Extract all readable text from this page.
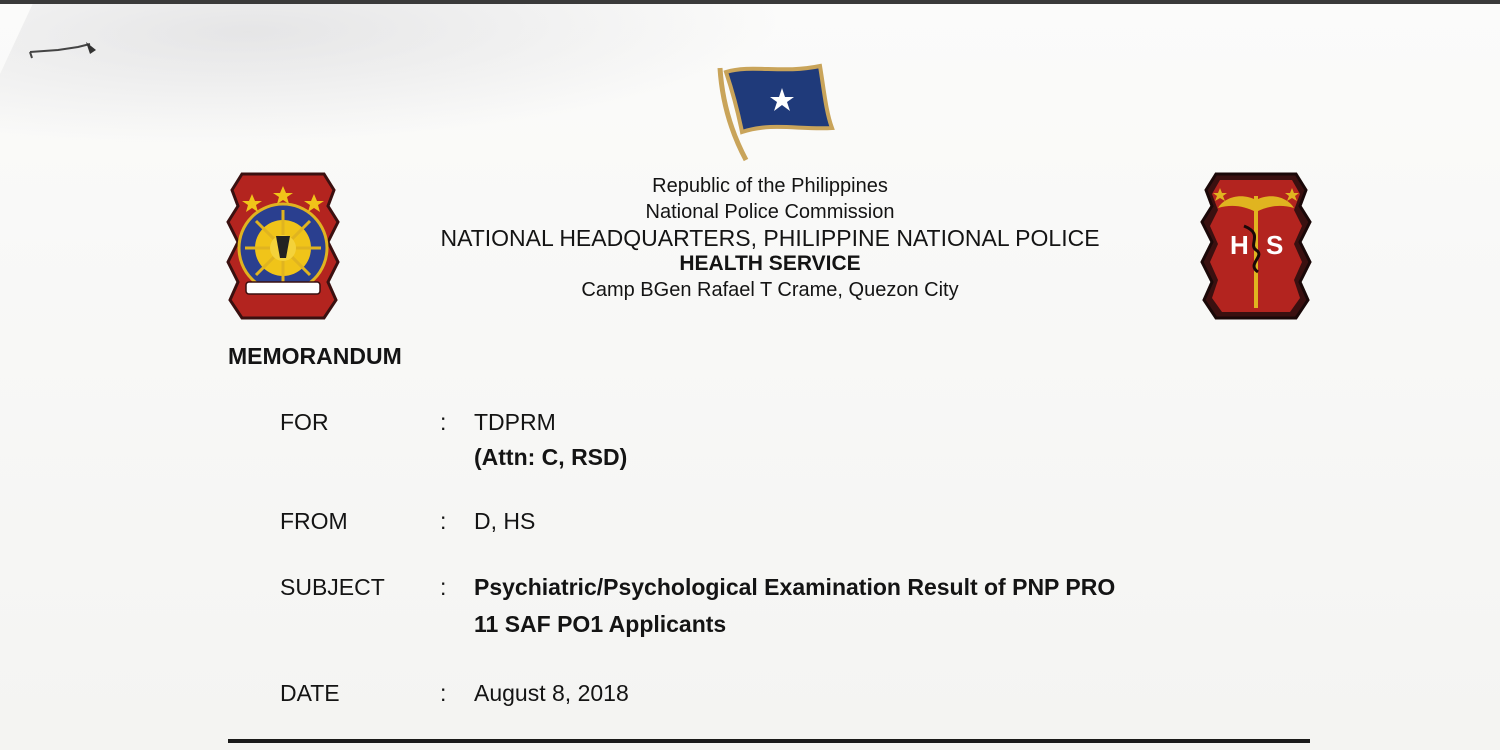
H S
Republic of the Philippines
National Police Commission
NATIONAL HEADQUARTERS, PHILIPPINE NATIONAL POLICE
HEALTH SERVICE
Camp BGen Rafael T Crame, Quezon City
MEMORANDUM
FOR	: TDPRM
(Attn: C, RSD)
FROM	: D, HS
SUBJECT : Psychiatric/Psychological Examination Result of PNP PRO
11 SAF PO1 Applicants
DATE	: August 8, 2018
